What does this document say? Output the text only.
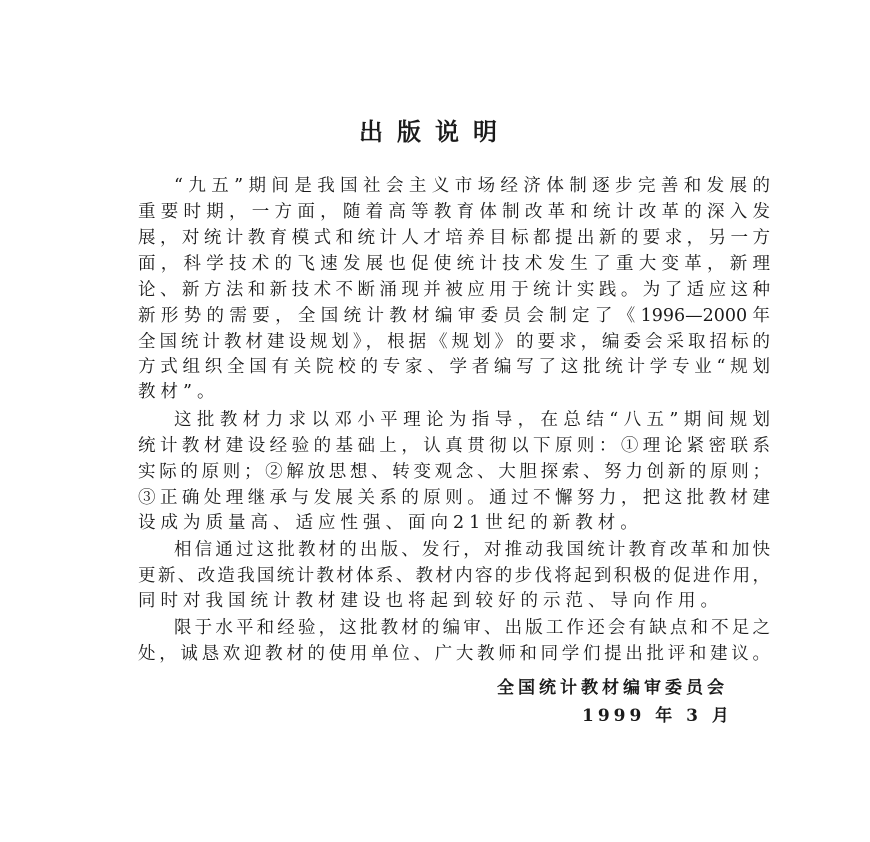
出版说明
“九五”期间是我国社会主义市场经济体制逐步完善和发展的
重要时期，一方面，随着高等教育体制改革和统计改革的深入发
展，对统计教育模式和统计人才培养目标都提出新的要求，另一方
面，科学技术的飞速发展也促使统计技术发生了重大变革，新理
论、新方法和新技术不断涌现并被应用于统计实践。为了适应这种
新形势的需要，全国统计教材编审委员会制定了《1996—2000年
全国统计教材建设规划》，根据《规划》的要求，编委会采取招标的
方式组织全国有关院校的专家、学者编写了这批统计学专业“规划
教材”。
这批教材力求以邓小平理论为指导，在总结“八五”期间规划
统计教材建设经验的基础上，认真贯彻以下原则：①理论紧密联系
实际的原则；②解放思想、转变观念、大胆探索、努力创新的原则；
③正确处理继承与发展关系的原则。通过不懈努力，把这批教材建
设成为质量高、适应性强、面向21世纪的新教材。
相信通过这批教材的出版、发行，对推动我国统计教育改革和加快
更新、改造我国统计教材体系、教材内容的步伐将起到积极的促进作用，
同时对我国统计教材建设也将起到较好的示范、导向作用。
限于水平和经验，这批教材的编审、出版工作还会有缺点和不足之
处，诚恳欢迎教材的使用单位、广大教师和同学们提出批评和建议。
全国统计教材编审委员会
1999 年 3 月
